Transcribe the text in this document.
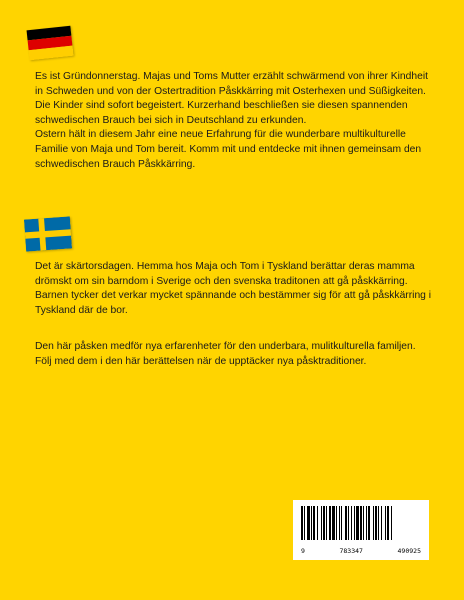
Es ist Gründonnerstag. Majas und Toms Mutter erzählt schwärmend von ihrer Kindheit in Schweden und von der Ostertradition Påskkärring mit Osterhexen und Süßigkeiten. Die Kinder sind sofort begeistert. Kurzerhand beschließen sie diesen spannenden schwedischen Brauch bei sich in Deutschland zu erkunden.

Ostern hält in diesem Jahr eine neue Erfahrung für die wunderbare multikulturelle Familie von Maja und Tom bereit. Komm mit und entdecke mit ihnen gemeinsam den schwedischen Brauch Påskkärring.

Det är skärtorsdagen. Hemma hos Maja och Tom i Tyskland berättar deras mamma drömskt om sin barndom i Sverige och den svenska traditonen att gå påskkärring. Barnen tycker det verkar mycket spännande och bestämmer sig för att gå påskkärring i Tyskland där de bor.

Den här påsken medför nya erfarenheter för den underbara, mulitkulturella familjen. Följ med dem i den här berättelsen när de upptäcker nya påsktraditioner.

9	783347	490925
